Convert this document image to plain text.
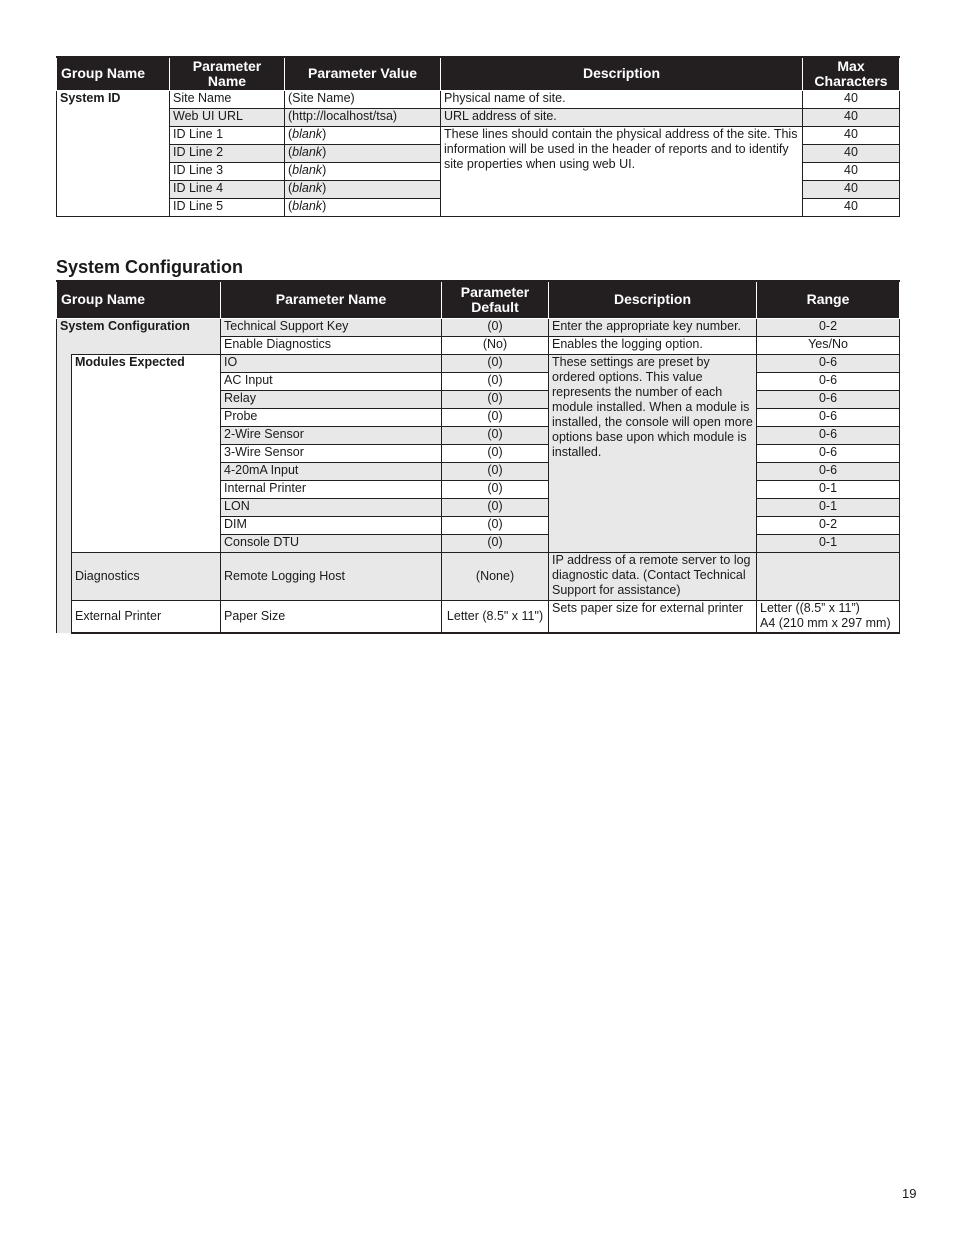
Group Name	Parameter Name	Parameter Value	Description	Max Characters
System ID	Site Name	(Site Name)	Physical name of site.	40
	Web UI URL	(http://localhost/tsa)	URL address of site.	40
	ID Line 1	(blank)	These lines should contain the physical address of the site. This information will be used in the header of reports and to identify site properties when using web UI.	40
	ID Line 2	(blank)		40
	ID Line 3	(blank)		40
	ID Line 4	(blank)		40
	ID Line 5	(blank)		40
System Configuration
Group Name		Parameter Name	Parameter Default	Description	Range
System Configuration		Technical Support Key	(0)	Enter the appropriate key number.	0-2
		Enable Diagnostics	(No)	Enables the logging option.	Yes/No
	Modules Expected	IO	(0)	These settings are preset by ordered options. This value represents the number of each module installed. When a module is installed, the console will open more options base upon which module is installed.	0-6
		AC Input	(0)		0-6
		Relay	(0)		0-6
		Probe	(0)		0-6
		2-Wire Sensor	(0)		0-6
		3-Wire Sensor	(0)		0-6
		4-20mA Input	(0)		0-6
		Internal Printer	(0)		0-1
		LON	(0)		0-1
		DIM	(0)		0-2
		Console DTU	(0)		0-1
	Diagnostics	Remote Logging Host	(None)	IP address of a remote server to log diagnostic data. (Contact Technical Support for assistance)	
	External Printer	Paper Size	Letter (8.5" x 11")	Sets paper size for external printer	Letter ((8.5” x 11”)
A4 (210 mm x 297 mm)
19
